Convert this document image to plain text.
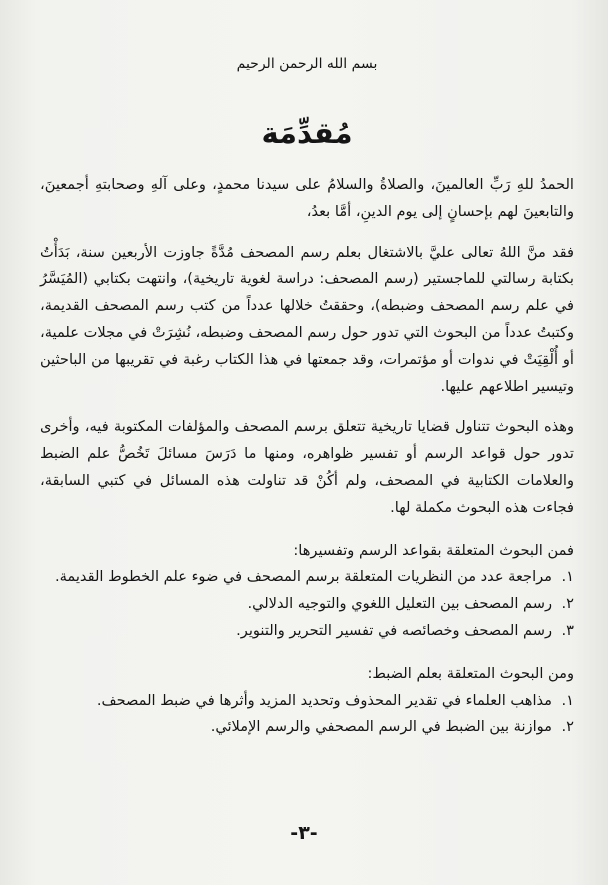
بسم الله الرحمن الرحيم
مُقدِّمَة

الحمدُ للهِ رَبِّ العالمينَ، والصلاةُ والسلامُ على سيدنا محمدٍ، وعلى آلهِ وصحابتهِ أجمعينَ، والتابعينَ لهم بإحسانٍ إلى يوم الدينِ، أمَّا بعدُ،

فقد منَّ اللهُ تعالى عليَّ بالاشتغال بعلم رسم المصحف مُدَّةً جاوزت الأربعين سنة، بَدَأْتُ بكتابة رسالتي للماجستير (رسم المصحف: دراسة لغوية تاريخية)، وانتهت بكتابي (المُيَسَّرُ في علم رسم المصحف وضبطه)، وحققتُ خلالها عدداً من كتب رسم المصحف القديمة، وكتبتُ عدداً من البحوث التي تدور حول رسم المصحف وضبطه، نُشِرَتْ في مجلات علمية، أو أُلْقِيَتْ في ندوات أو مؤتمرات، وقد جمعتها في هذا الكتاب رغبة في تقريبها من الباحثين وتيسير اطلاعهم عليها.

وهذه البحوث تتناول قضايا تاريخية تتعلق برسم المصحف والمؤلفات المكتوبة فيه، وأخرى تدور حول قواعد الرسم أو تفسير ظواهره، ومنها ما دَرَسَ مسائلَ تَخُصُّ علم الضبط والعلامات الكتابية في المصحف، ولم أكُنْ قد تناولت هذه المسائل في كتبي السابقة، فجاءت هذه البحوث مكملة لها.

فمن البحوث المتعلقة بقواعد الرسم وتفسيرها:

١.
مراجعة عدد من النظريات المتعلقة برسم المصحف في ضوء علم الخطوط القديمة.
٢.
رسم المصحف بين التعليل اللغوي والتوجيه الدلالي.
٣.
رسم المصحف وخصائصه في تفسير التحرير والتنوير.

ومن البحوث المتعلقة بعلم الضبط:

١.
مذاهب العلماء في تقدير المحذوف وتحديد المزيد وأثرها في ضبط المصحف.
٢.
موازنة بين الضبط في الرسم المصحفي والرسم الإملائي.
-٣-
